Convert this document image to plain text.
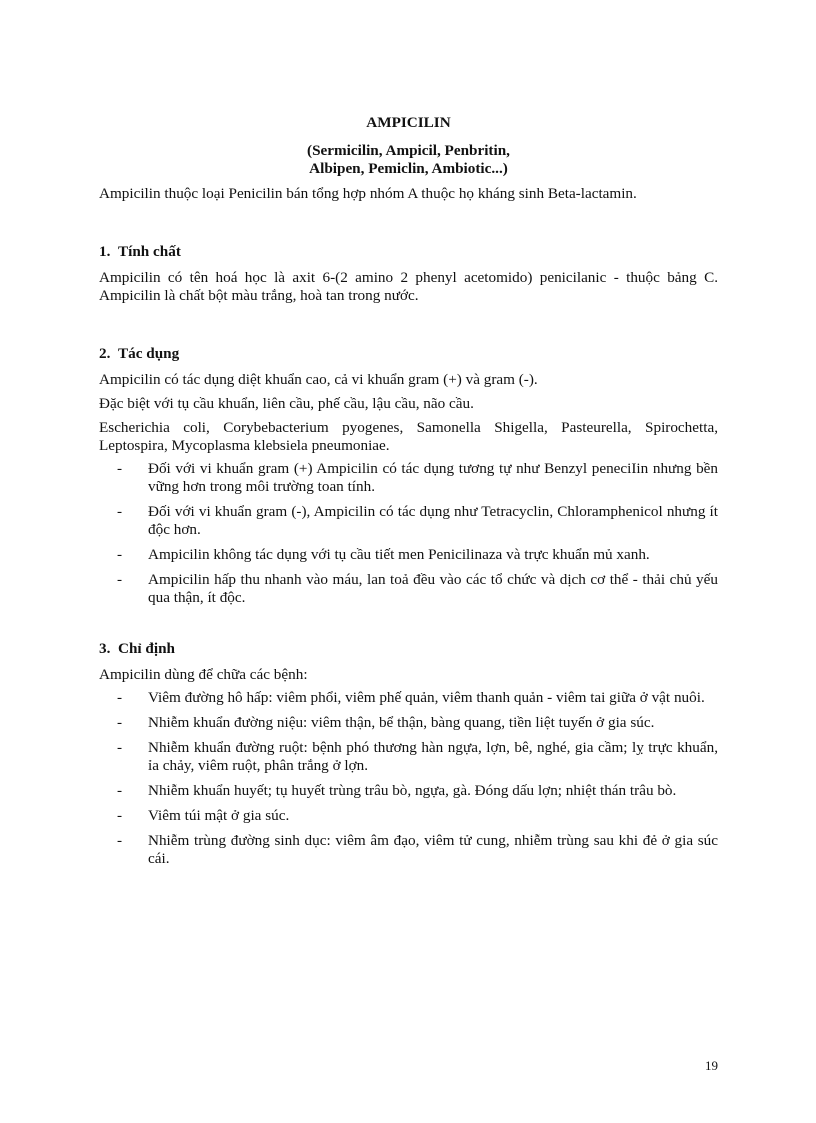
AMPICILIN

(Sermicilin, Ampicil, Penbritin,

Albipen, Pemiclin, Ambiotic...)

Ampicilin thuộc loại Penicilin bán tổng hợp nhóm A thuộc họ kháng sinh Beta-lactamin.

1. Tính chất

Ampicilin có tên hoá học là axit 6-(2 amino 2 phenyl acetomido) penicilanic - thuộc bảng C. Ampicilin là chất bột màu trắng, hoà tan trong nước.

2. Tác dụng

Ampicilin có tác dụng diệt khuẩn cao, cả vi khuẩn gram (+) và gram (-).

Đặc biệt với tụ cầu khuẩn, liên cầu, phế cầu, lậu cầu, não cầu.

Escherichia coli, Corybebacterium pyogenes, Samonella Shigella, Pasteurella, Spirochetta, Leptospira, Mycoplasma klebsiela pneumoniae.

-	Đối với vi khuẩn gram (+) Ampicilin có tác dụng tương tự như Benzyl peneciIin nhưng bền vững hơn trong môi trường toan tính.
-	Đối với vi khuẩn gram (-), Ampicilin có tác dụng như Tetracyclin, Chloramphenicol nhưng ít độc hơn.
-	Ampicilin không tác dụng với tụ cầu tiết men Penicilinaza và trực khuẩn mủ xanh.
-	Ampicilin hấp thu nhanh vào máu, lan toả đều vào các tổ chức và dịch cơ thể - thải chủ yếu qua thận, ít độc.
3. Chỉ định

Ampicilin dùng để chữa các bệnh:

-	Viêm đường hô hấp: viêm phổi, viêm phế quản, viêm thanh quản - viêm tai giữa ở vật nuôi.
-	Nhiễm khuẩn đường niệu: viêm thận, bể thận, bàng quang, tiền liệt tuyến ở gia súc.
-	Nhiễm khuẩn đường ruột: bệnh phó thương hàn ngựa, lợn, bê, nghé, gia cầm; lỵ trực khuẩn, ỉa chảy, viêm ruột, phân trắng ở lợn.
-	Nhiễm khuẩn huyết; tụ huyết trùng trâu bò, ngựa, gà. Đóng dấu lợn; nhiệt thán trâu bò.
-	Viêm túi mật ở gia súc.
-	Nhiễm trùng đường sinh dục: viêm âm đạo, viêm tử cung, nhiễm trùng sau khi đẻ ở gia súc cái.
19
